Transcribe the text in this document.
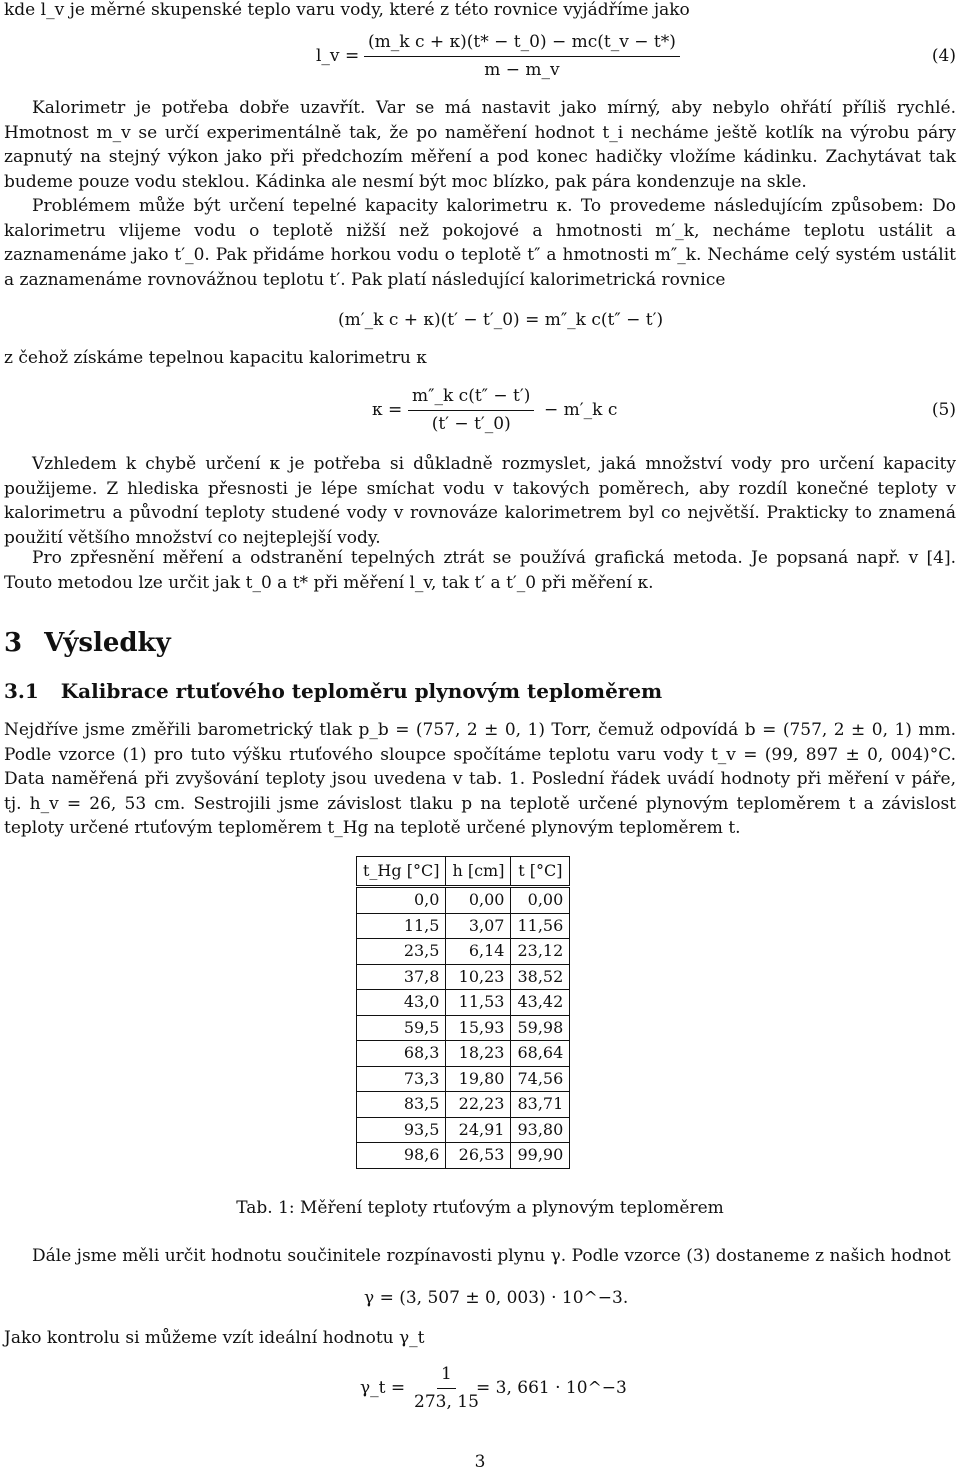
kde l_v je měrné skupenské teplo varu vody, které z této rovnice vyjádříme jako

l_v = $\frac{\text{(m\_k c + κ)(t* − t\_0) − mc(t\_v − t*)}}{m - m\_v}$	(4)

Kalorimetr je potřeba dobře uzavřít. Var se má nastavit jako mírný, aby nebylo ohřátí příliš rychlé. Hmotnost m_v se určí experimentálně tak, že po naměření hodnot t_i necháme ještě kotlík na výrobu páry zapnutý na stejný výkon jako při předchozím měření a pod konec hadičky vložíme kádinku. Zachytávat tak budeme pouze vodu steklou. Kádinka ale nesmí být moc blízko, pak pára kondenzuje na skle.

Problémem může být určení tepelné kapacity kalorimetru κ. To provedeme následujícím způsobem: Do kalorimetru vlijeme vodu o teplotě nižší než pokojové a hmotnosti m′_k, necháme teplotu ustálit a zaznamenáme jako t′_0. Pak přidáme horkou vodu o teplotě t″ a hmotnosti m″_k. Necháme celý systém ustálit a zaznamenáme rovnovážnou teplotu t′. Pak platí následující kalorimetrická rovnice

(m′_k c + κ)(t′ − t′_0) = m″_k c(t″ − t′)

z čehož získáme tepelnou kapacitu kalorimetru κ

$\kappa = \frac{\text{m″\_k c(t″ − t′)}}{(t' - t'\_0)}$ − m′_k c	(5)

Vzhledem k chybě určení κ je potřeba si důkladně rozmyslet, jaká množství vody pro určení kapacity použijeme. Z hlediska přesnosti je lépe smíchat vodu v takových poměrech, aby rozdíl konečné teploty v kalorimetru a původní teploty studené vody v rovnováze kalorimetrem byl co největší. Prakticky to znamená použití většího množství co nejteplejší vody.

Pro zpřesnění měření a odstranění tepelných ztrát se používá grafická metoda. Je popsaná např. v [4]. Touto metodou lze určit jak t_0 a t* při měření l_v, tak t′ a t′_0 při měření κ.

3 Výsledky
3.1 Kalibrace rtuťového teploměru plynovým teploměrem

Nejdříve jsme změřili barometrický tlak p_b = (757, 2 ± 0, 1) Torr, čemuž odpovídá b = (757, 2 ± 0, 1) mm. Podle vzorce (1) pro tuto výšku rtuťového sloupce spočítáme teplotu varu vody t_v = (99, 897 ± 0, 004)°C. Data naměřená při zvyšování teploty jsou uvedena v tab. 1. Poslední řádek uvádí hodnoty při měření v páře, tj. h_v = 26, 53 cm. Sestrojili jsme závislost tlaku p na teplotě určené plynovým teploměrem t a závislost teploty určené rtuťovým teploměrem t_Hg na teplotě určené plynovým teploměrem t.

t_Hg [°C]	h [cm]	t [°C]
0,0	0,00	0,00
11,5	3,07	11,56
23,5	6,14	23,12
37,8	10,23	38,52
43,0	11,53	43,42
59,5	15,93	59,98
68,3	18,23	68,64
73,3	19,80	74,56
83,5	22,23	83,71
93,5	24,91	93,80
98,6	26,53	99,90

Tab. 1: Měření teploty rtuťovým a plynovým teploměrem

Dále jsme měli určit hodnotu součinitele rozpínavosti plynu γ. Podle vzorce (3) dostaneme z našich hodnot

γ = (3, 507 ± 0, 003) · 10^−3.

Jako kontrolu si můžeme vzít ideální hodnotu γ_t

γ_t = $\frac{1}{273, 15}$
= 3, 661 · 10^−3
3
